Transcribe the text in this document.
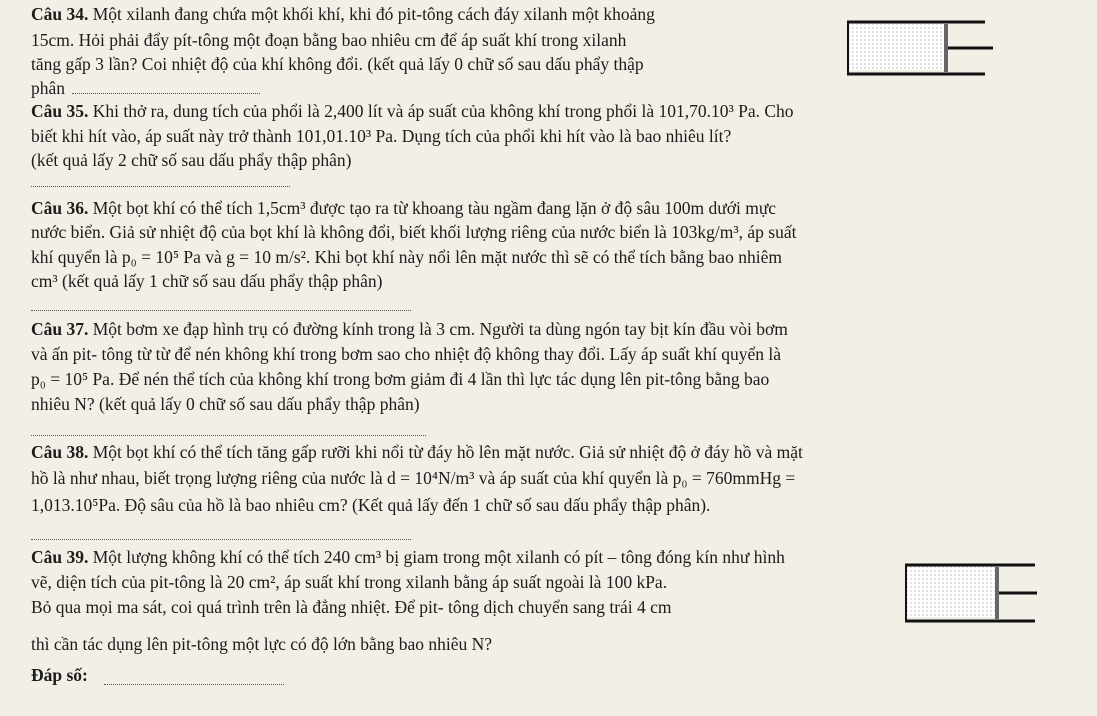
Câu 34. Một xilanh đang chứa một khối khí, khi đó pit-tông cách đáy xilanh một khoảng
15cm. Hỏi phải đẩy pít-tông một đoạn bằng bao nhiêu cm để áp suất khí trong xilanh
tăng gấp 3 lần? Coi nhiệt độ của khí không đổi. (kết quả lấy 0 chữ số sau dấu phẩy thập
phân
Câu 35. Khi thở ra, dung tích của phổi là 2,400 lít và áp suất của không khí trong phổi là 101,70.10³ Pa. Cho
biết khi hít vào, áp suất này trở thành 101,01.10³ Pa. Dụng tích của phổi khi hít vào là bao nhiêu lít?
(kết quả lấy 2 chữ số sau dấu phẩy thập phân)
Câu 36. Một bọt khí có thể tích 1,5cm³ được tạo ra từ khoang tàu ngầm đang lặn ở độ sâu 100m dưới mực
nước biển. Giả sử nhiệt độ của bọt khí là không đổi, biết khối lượng riêng của nước biển là 103kg/m³, áp suất
khí quyển là p₀ = 10⁵ Pa và g = 10 m/s². Khi bọt khí này nổi lên mặt nước thì sẽ có thể tích bằng bao nhiêm
cm³ (kết quả lấy 1 chữ số sau dấu phẩy thập phân)
Câu 37. Một bơm xe đạp hình trụ có đường kính trong là 3 cm. Người ta dùng ngón tay bịt kín đầu vòi bơm
và ấn pit- tông từ từ để nén không khí trong bơm sao cho nhiệt độ không thay đổi. Lấy áp suất khí quyển là
p₀ = 10⁵ Pa. Để nén thể tích của không khí trong bơm giảm đi 4 lần thì lực tác dụng lên pit-tông bằng bao
nhiêu N? (kết quả lấy 0 chữ số sau dấu phẩy thập phân)
Câu 38. Một bọt khí có thể tích tăng gấp rưỡi khi nổi từ đáy hồ lên mặt nước. Giả sử nhiệt độ ở đáy hồ và mặt
hồ là như nhau, biết trọng lượng riêng của nước là d = 10⁴N/m³ và áp suất của khí quyển là p₀ = 760mmHg =
1,013.10⁵Pa. Độ sâu của hồ là bao nhiêu cm? (Kết quả lấy đến 1 chữ số sau dấu phẩy thập phân).
Câu 39. Một lượng không khí có thể tích 240 cm³ bị giam trong một xilanh có pít – tông đóng kín như hình
vẽ, diện tích của pit-tông là 20 cm², áp suất khí trong xilanh bằng áp suất ngoài là 100 kPa.
Bỏ qua mọi ma sát, coi quá trình trên là đẳng nhiệt. Để pit- tông dịch chuyển sang trái 4 cm
thì cần tác dụng lên pit-tông một lực có độ lớn bằng bao nhiêu N?
Đáp số:
